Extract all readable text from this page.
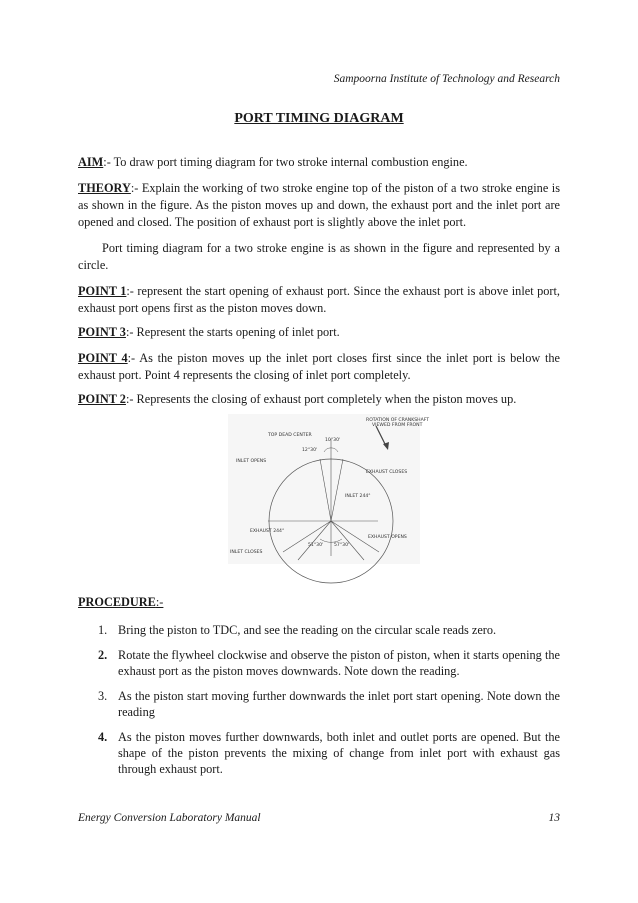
Sampoorna Institute of Technology and Research
PORT TIMING DIAGRAM
AIM:- To draw port timing diagram for two stroke internal combustion engine.
THEORY:- Explain the working of two stroke engine top of the piston of a two stroke engine is as shown in the figure. As the piston moves up and down, the exhaust port and the inlet port are opened and closed. The position of exhaust port is slightly above the inlet port.
Port timing diagram for a two stroke engine is as shown in the figure and represented by a circle.
POINT 1:- represent the start opening of exhaust port. Since the exhaust port is above inlet port, exhaust port opens first as the piston moves down.
POINT 3:- Represent the starts opening of inlet port.
POINT 4:- As the piston moves up the inlet port closes first since the inlet port is below the exhaust port. Point 4 represents the closing of inlet port completely.
POINT 2:- Represents the closing of exhaust port completely when the piston moves up.
ROTATION OF CRANKSHAFT
VIEWED FROM FRONT
TOP DEAD CENTER
10°30'
12°30'
INLET OPENS
EXHAUST CLOSES
INLET 244°
EXHAUST 244°
EXHAUST OPENS
51°30' 57°30'
INLET CLOSES
PROCEDURE:-
1. Bring the piston to TDC, and see the reading on the circular scale reads zero.
2. Rotate the flywheel clockwise and observe the piston of piston, when it starts opening the exhaust port as the piston moves downwards. Note down the reading.
3. As the piston start moving further downwards the inlet port start opening. Note down the reading
4. As the piston moves further downwards, both inlet and outlet ports are opened. But the shape of the piston prevents the mixing of change from inlet port with exhaust gas through exhaust port.
Energy Conversion Laboratory Manual	13
